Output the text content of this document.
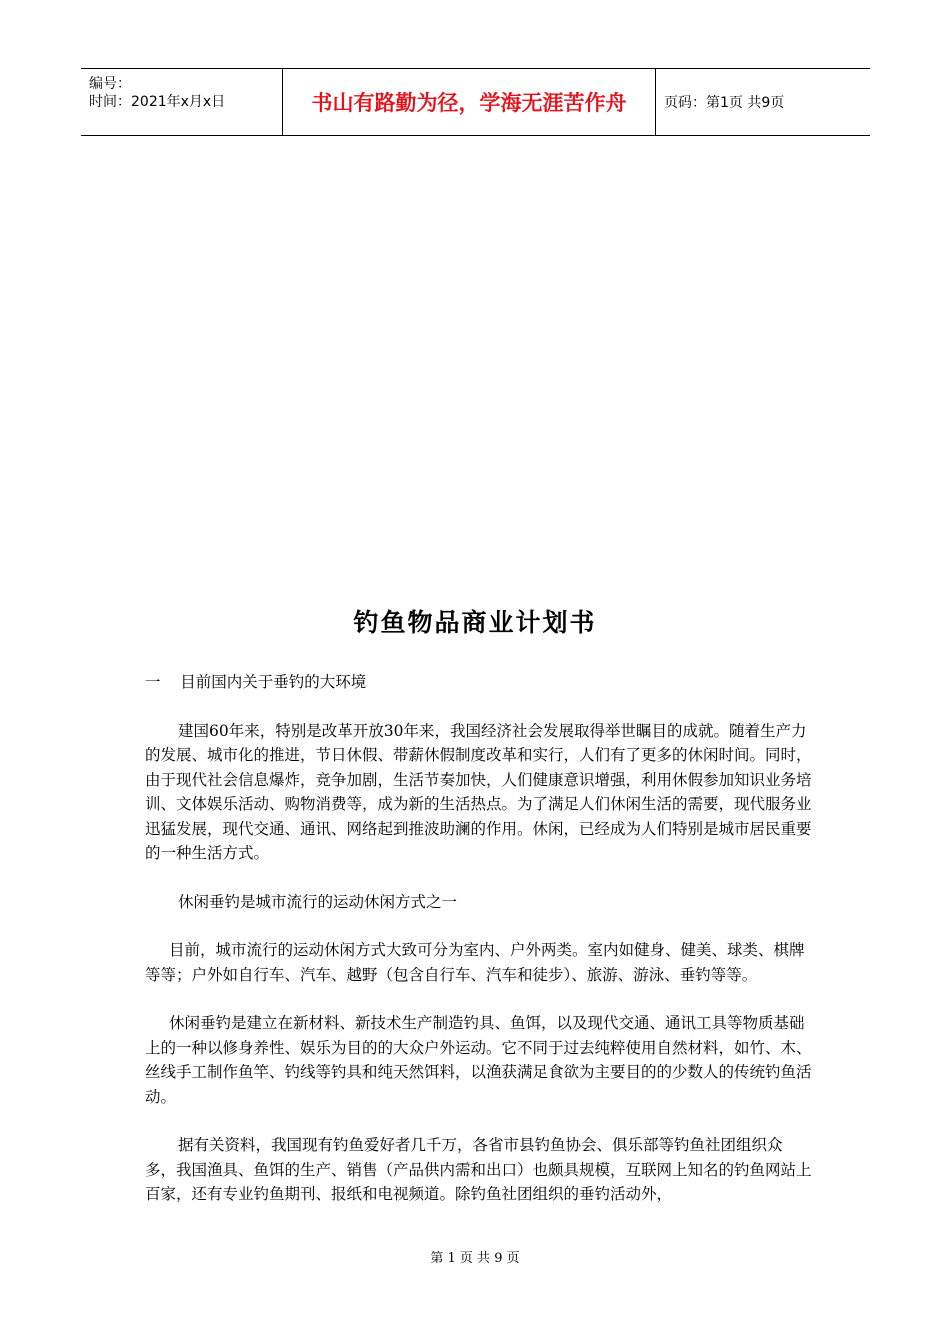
编号：
时间：2021年x月x日	书山有路勤为径，学海无涯苦作舟	页码：第1页 共9页
钓鱼物品商业计划书

一    目前国内关于垂钓的大环境

建国60年来，特别是改革开放30年来，我国经济社会发展取得举世瞩目的成就。随着生产力的发展、城市化的推进，节日休假、带薪休假制度改革和实行，人们有了更多的休闲时间。同时，由于现代社会信息爆炸，竞争加剧，生活节奏加快，人们健康意识增强，利用休假参加知识业务培训、文体娱乐活动、购物消费等，成为新的生活热点。为了满足人们休闲生活的需要，现代服务业迅猛发展，现代交通、通讯、网络起到推波助澜的作用。休闲，已经成为人们特别是城市居民重要的一种生活方式。

休闲垂钓是城市流行的运动休闲方式之一

目前，城市流行的运动休闲方式大致可分为室内、户外两类。室内如健身、健美、球类、棋牌等等；户外如自行车、汽车、越野（包含自行车、汽车和徒步）、旅游、游泳、垂钓等等。

休闲垂钓是建立在新材料、新技术生产制造钓具、鱼饵，以及现代交通、通讯工具等物质基础上的一种以修身养性、娱乐为目的的大众户外运动。它不同于过去纯粹使用自然材料，如竹、木、丝线手工制作鱼竿、钓线等钓具和纯天然饵料，以渔获满足食欲为主要目的的少数人的传统钓鱼活动。

据有关资料，我国现有钓鱼爱好者几千万，各省市县钓鱼协会、俱乐部等钓鱼社团组织众多，我国渔具、鱼饵的生产、销售（产品供内需和出口）也颇具规模，互联网上知名的钓鱼网站上百家，还有专业钓鱼期刊、报纸和电视频道。除钓鱼社团组织的垂钓活动外，

第 1 页 共 9 页
